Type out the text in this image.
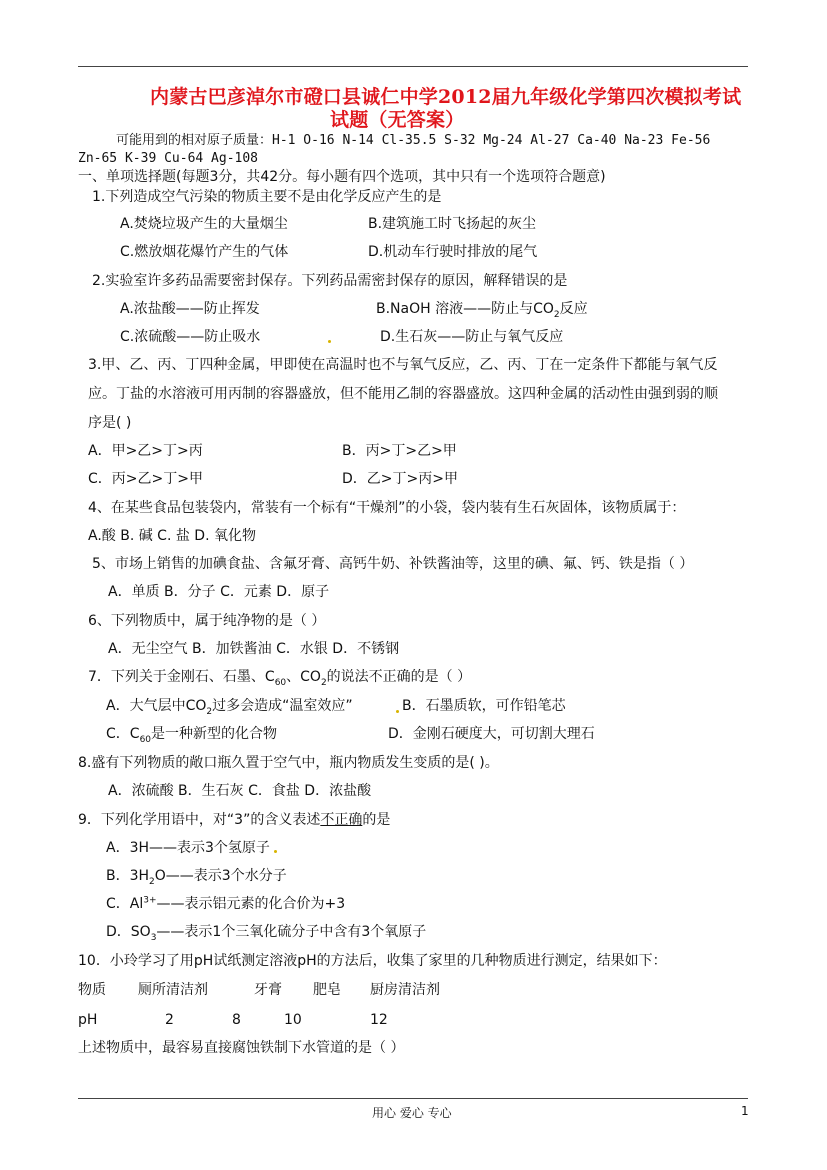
内蒙古巴彦淖尔市磴口县诚仁中学2012届九年级化学第四次模拟考试
试题（无答案）
可能用到的相对原子质量：H-1 O-16 N-14 Cl-35.5 S-32 Mg-24 Al-27 Ca-40 Na-23 Fe-56
Zn-65 K-39 Cu-64 Ag-108
一、单项选择题(每题3分，共42分。每小题有四个选项，其中只有一个选项符合题意)
1.下列造成空气污染的物质主要不是由化学反应产生的是
A.焚烧垃圾产生的大量烟尘	B.建筑施工时飞扬起的灰尘
C.燃放烟花爆竹产生的气体	D.机动车行驶时排放的尾气
2.实验室许多药品需要密封保存。下列药品需密封保存的原因，解释错误的是
A.浓盐酸——防止挥发	B.NaOH 溶液——防止与$CO_2$反应
C.浓硫酸——防止吸水	D.生石灰——防止与氧气反应
3.甲、乙、丙、丁四种金属，甲即使在高温时也不与氧气反应，乙、丙、丁在一定条件下都能与氧气反
应。丁盐的水溶液可用丙制的容器盛放，但不能用乙制的容器盛放。这四种金属的活动性由强到弱的顺
序是( )
A．甲>乙>丁>丙	B．丙>丁>乙>甲
C．丙>乙>丁>甲	D．乙>丁>丙>甲
4、在某些食品包装袋内，常装有一个标有“干燥剂”的小袋，袋内装有生石灰固体，该物质属于：
A.酸 B. 碱 C. 盐 D. 氧化物
5、市场上销售的加碘食盐、含氟牙膏、高钙牛奶、补铁酱油等，这里的碘、氟、钙、铁是指（ ）
A．单质 B．分子 C．元素 D．原子
6、下列物质中，属于纯净物的是（ ）
A．无尘空气 B．加铁酱油 C．水银 D．不锈钢
7．下列关于金刚石、石墨、$C_{60}$、$CO_2$的说法不正确的是（ ）
A．大气层中$CO_2$过多会造成“温室效应”	B．石墨质软，可作铅笔芯
C．$C_{60}$是一种新型的化合物	D．金刚石硬度大，可切割大理石
8.盛有下列物质的敞口瓶久置于空气中，瓶内物质发生变质的是( )。
A．浓硫酸 B．生石灰 C．食盐 D．浓盐酸
9．下列化学用语中，对“3”的含义表述不正确的是
A．3H——表示3个氢原子
B．$3H_2O——$表示3个水分子
C．$Al^{3+}——$表示铝元素的化合价为+3
D．$SO_3——$表示1个三氧化硫分子中含有3个氧原子
10．小玲学习了用pH试纸测定溶液pH的方法后，收集了家里的几种物质进行测定，结果如下：
物质 厕所清洁剂	牙膏 肥皂 厨房清洁剂
pH	2	8	10	12
上述物质中，最容易直接腐蚀铁制下水管道的是（ ）
用心 爱心 专心	1
